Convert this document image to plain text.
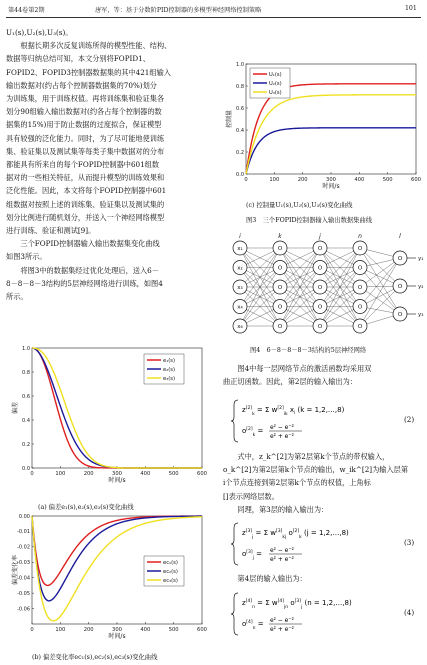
第44卷第2期	唐军，等：基于分数阶PID控制器的多模型神经网络控制策略	101
U₁(s),U₂(s),U₃(s)。
　　根据长期多次反复训练所得的模型性能、结构、
数据等归纳总结可知，本文分别将FOPID1、
FOPID2、FOPID3控制器数据集的其中421组输入
输出数据对(约占每个控制器数据集的70%)划分
为训练集，用于训练权值。再将训练集和验证集各
划分90组输入输出数据对(约各占每个控制器的数
据集的15%)用于防止数据的过度拟合，保证模型
具有较强的泛化能力。同时，为了尽可能地使训练
集、验证集以及测试集等每类子集中数据对的分布
都能具有所来自的每个FOPID控制器中601组数
据对的一些相关特征，从而提升模型的训练效果和
泛化性能。因此，本文将每个FOPID控制器中601
组数据对按照上述的训练集、验证集以及测试集的
划分比例进行随机划分，并送入一个神经网络模型
进行训练、验证和测试[9]。
　　三个FOPID控制器输入输出数据集变化曲线
如图3所示。
　　将图3中的数据集经过优化处理后，送入6－
8－8－8－3结构的5层神经网络进行训练，如图4
所示。
0	100	200	300	400	500	600
0.0
0.2
0.4
0.6
0.8
1.0
时间/s
偏差
e₁(s)
e₂(s)
e₃(s)
(a) 偏差e₁(s),e₂(s),e₃(s)变化曲线
0	100	200	300	400	500	600
0.00
-0.01
-0.02
-0.03
-0.04
-0.05
-0.06
时间/s
偏差变化率	ec₁(s)
ec₂(s)
ec₃(s)
(b) 偏差变化率ec₁(s),ec₂(s),ec₃(s)变化曲线
0	100	200	300	400	500	600
0.0
0.2
0.4
0.6
0.8
1.0
时间/s
控制量
U₁(s)
U₂(s)
U₃(s)
(c) 控制量U₁(s),U₂(s),U₃(s)变化曲线
图3　三个FOPID控制器输入输出数据集曲线
i	k	j	n	l
x₁
x₂
x₃
x₄
x₆
O
O
O
O
O
O
O
O
O
O
O
O
O
O
O
O
O
O
y₁
y₂
y₃
图4　6－8－8－8－3结构的5层神经网络
　　图4中每一层网络节点的激活函数均采用双
曲正切函数。因此，第2层的输入输出为：
$z[2]_k = \Sigma$ $w[2]_{ik}$ $x_i$ (k = 1,2,…,8)
$o[2]_k = e^z - e^{-z}$
$e^z + e^{-z}$
(2)
　　式中，z_k^[2]为第2层第k个节点的带权输入，
o_k^[2]为第2层第k个节点的输出，w_ik^[2]为输入层第
i个节点连接到第2层第k个节点的权值，上角标
[]表示网络层数。
　　同理，第3层的输入输出为：
$z[3]_j = \Sigma$ $w[3]_{kj}$ $o[2]_k$ (j = 1,2,…,8)
$o[3]_j = e^z - e^{-z}$
$e^z + e^{-z}$
(3)
　　第4层的输入输出为：
$z[4]_n = \Sigma$ $w[4]_{jn}$ $o[3]_j$ (n = 1,2,…,8)
$o[4]_n = e^z - e^{-z}$
$e^z + e^{-z}$
(4)
